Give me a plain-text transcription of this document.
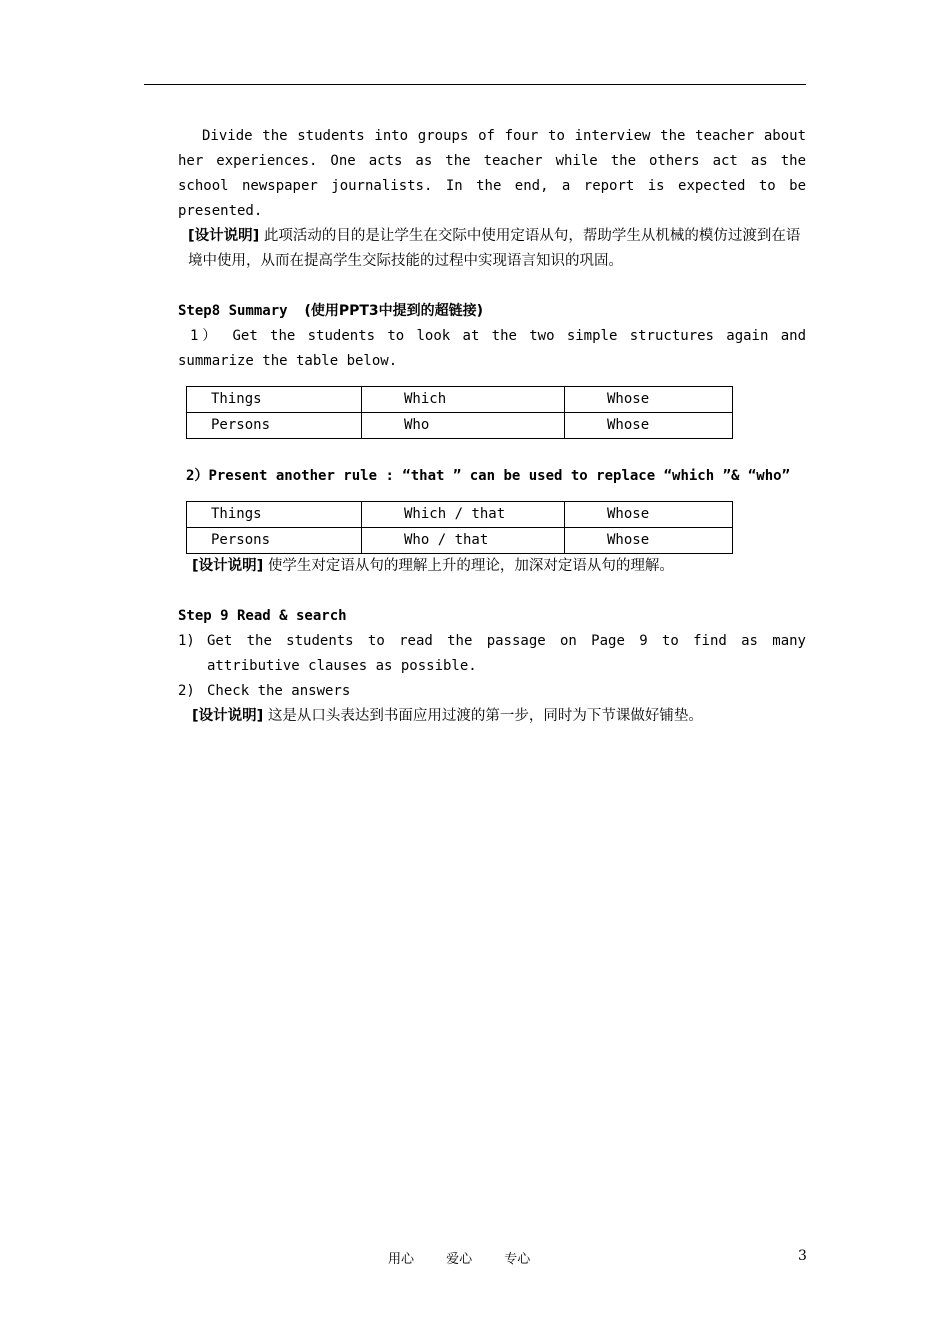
Divide the students into groups of four to interview the teacher about her experiences. One acts as the teacher while the others act as the school newspaper journalists. In the end, a report is expected to be presented.

[设计说明] 此项活动的目的是让学生在交际中使用定语从句，帮助学生从机械的模仿过渡到在语境中使用，从而在提高学生交际技能的过程中实现语言知识的巩固。

Step8 Summary (使用PPT3中提到的超链接)

1） Get the students to look at the two simple structures again and summarize the table below.

Things	Which	Whose
Persons	Who	Whose

2）Present another rule : “that ” can be used to replace “which ”& “who”

Things	Which / that	Whose
Persons	Who / that	Whose

[设计说明] 使学生对定语从句的理解上升的理论，加深对定语从句的理解。

Step 9 Read & search

1) Get the students to read the passage on Page 9 to find as many attributive clauses as possible.
2) Check the answers

[设计说明] 这是从口头表达到书面应用过渡的第一步，同时为下节课做好铺垫。

用心 爱心 专心	3
